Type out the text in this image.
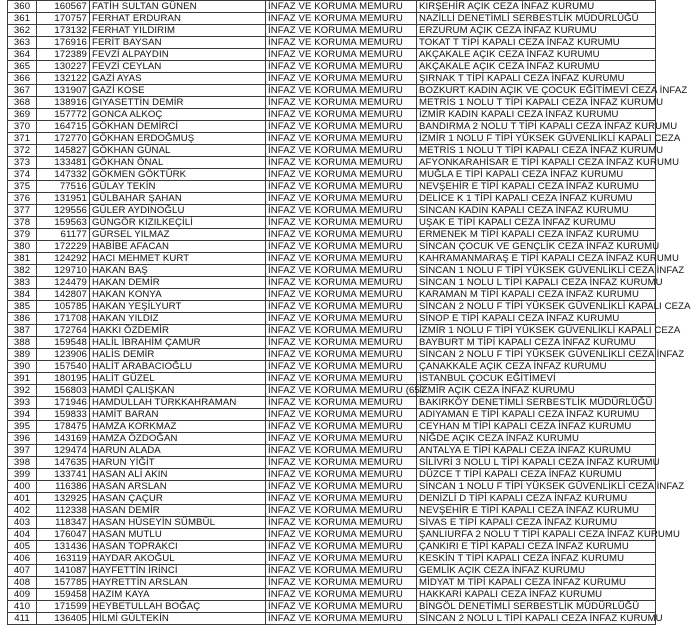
360	160567	FATİH SULTAN GÜNEN	İNFAZ VE KORUMA MEMURU	KIRŞEHİR AÇIK CEZA İNFAZ KURUMU
361	170757	FERHAT ERDURAN	İNFAZ VE KORUMA MEMURU	NAZİLLİ DENETİMLİ SERBESTLİK MÜDÜRLÜĞÜ
362	173132	FERHAT YILDIRIM	İNFAZ VE KORUMA MEMURU	ERZURUM AÇIK CEZA İNFAZ KURUMU
363	176916	FERİT BAYSAN	İNFAZ VE KORUMA MEMURU	TOKAT T TİPİ KAPALI CEZA İNFAZ KURUMU
364	172389	FEVZİ ALPAYDIN	İNFAZ VE KORUMA MEMURU	AKÇAKALE AÇIK CEZA İNFAZ KURUMU
365	130227	FEVZİ CEYLAN	İNFAZ VE KORUMA MEMURU	AKÇAKALE AÇIK CEZA İNFAZ KURUMU
366	132122	GAZİ AYAS	İNFAZ VE KORUMA MEMURU	ŞIRNAK T TİPİ KAPALI CEZA İNFAZ KURUMU
367	131907	GAZİ KOSE	İNFAZ VE KORUMA MEMURU	BOZKURT KADIN AÇIK VE ÇOCUK EĞİTİMEVİ CEZA İNFAZ
368	138916	GIYASETTİN DEMİR	İNFAZ VE KORUMA MEMURU	METRİS 1 NOLU T TİPİ KAPALI CEZA İNFAZ KURUMU
369	157772	GONCA ALKOÇ	İNFAZ VE KORUMA MEMURU	İZMİR KADIN KAPALI CEZA İNFAZ KURUMU
370	164715	GÖKHAN DEMİRCİ	İNFAZ VE KORUMA MEMURU	BANDIRMA 2 NOLU T TİPİ KAPALI CEZA İNFAZ KURUMU
371	172770	GÖKHAN ERDOĞMUŞ	İNFAZ VE KORUMA MEMURU	İZMİR 1 NOLU F TİPİ YÜKSEK GÜVENLİKLİ KAPALI CEZA
372	145827	GÖKHAN GÜNAL	İNFAZ VE KORUMA MEMURU	METRİS 1 NOLU T TİPİ KAPALI CEZA İNFAZ KURUMU
373	133481	GÖKHAN ÖNAL	İNFAZ VE KORUMA MEMURU	AFYONKARAHİSAR E TİPİ KAPALI CEZA İNFAZ KURUMU
374	147332	GÖKMEN GÖKTÜRK	İNFAZ VE KORUMA MEMURU	MUĞLA E TİPİ KAPALI CEZA İNFAZ KURUMU
375	77516	GÜLAY TEKİN	İNFAZ VE KORUMA MEMURU	NEVŞEHİR E TİPİ KAPALI CEZA İNFAZ KURUMU
376	131951	GÜLBAHAR ŞAHAN	İNFAZ VE KORUMA MEMURU	DELİCE K 1 TİPİ KAPALI CEZA İNFAZ KURUMU
377	129556	GÜLER AYDINOĞLU	İNFAZ VE KORUMA MEMURU	SİNCAN KADIN KAPALI CEZA İNFAZ KURUMU
378	159563	GÜNGÖR KIZILKEÇİLİ	İNFAZ VE KORUMA MEMURU	UŞAK E TİPİ KAPALI CEZA İNFAZ KURUMU
379	61177	GÜRSEL YILMAZ	İNFAZ VE KORUMA MEMURU	ERMENEK M TİPİ KAPALI CEZA İNFAZ KURUMU
380	172229	HABİBE AFACAN	İNFAZ VE KORUMA MEMURU	SİNCAN ÇOCUK VE GENÇLİK CEZA İNFAZ KURUMU
381	124292	HACI MEHMET KURT	İNFAZ VE KORUMA MEMURU	KAHRAMANMARAŞ E TİPİ KAPALI CEZA İNFAZ KURUMU
382	129710	HAKAN BAŞ	İNFAZ VE KORUMA MEMURU	SİNCAN 1 NOLU F TİPİ YÜKSEK GÜVENLİKLİ CEZA İNFAZ
383	124479	HAKAN DEMİR	İNFAZ VE KORUMA MEMURU	SİNCAN 1 NOLU L TİPİ KAPALI CEZA İNFAZ KURUMU
384	142807	HAKAN KONYA	İNFAZ VE KORUMA MEMURU	KARAMAN M TİPİ KAPALI CEZA İNFAZ KURUMU
385	105785	HAKAN YEŞİLYURT	İNFAZ VE KORUMA MEMURU	SİNCAN 2 NOLU F TİPİ YÜKSEK GÜVENLİKLİ KAPALI CEZA
386	171708	HAKAN YILDIZ	İNFAZ VE KORUMA MEMURU	SİNOP E TİPİ KAPALI CEZA İNFAZ KURUMU
387	172764	HAKKI ÖZDEMİR	İNFAZ VE KORUMA MEMURU	İZMİR 1 NOLU F TİPİ YÜKSEK GÜVENLİKLİ KAPALI CEZA
388	159548	HALİL İBRAHİM ÇAMUR	İNFAZ VE KORUMA MEMURU	BAYBURT M TİPİ KAPALI CEZA İNFAZ KURUMU
389	123906	HALİS DEMİR	İNFAZ VE KORUMA MEMURU	SİNCAN 2 NOLU F TİPİ YÜKSEK GÜVENLİKLİ CEZA İNFAZ
390	157540	HALİT ARABACIOĞLU	İNFAZ VE KORUMA MEMURU	ÇANAKKALE AÇIK CEZA İNFAZ KURUMU
391	180195	HALİT GÜZEL	İNFAZ VE KORUMA MEMURU	İSTANBUL ÇOCUK EĞİTİMEVİ
392	156803	HAMDİ ÇALIŞKAN	İNFAZ VE KORUMA MEMURU (657	İZMİR AÇIK CEZA İNFAZ KURUMU
393	171946	HAMDULLAH TÜRKKAHRAMAN	İNFAZ VE KORUMA MEMURU	BAKIRKÖY DENETİMLİ SERBESTLİK MÜDÜRLÜĞÜ
394	159833	HAMİT BARAN	İNFAZ VE KORUMA MEMURU	ADIYAMAN E TİPİ KAPALI CEZA İNFAZ KURUMU
395	178475	HAMZA KORKMAZ	İNFAZ VE KORUMA MEMURU	CEYHAN M TİPİ KAPALI CEZA İNFAZ KURUMU
396	143169	HAMZA ÖZDOĞAN	İNFAZ VE KORUMA MEMURU	NİĞDE AÇIK CEZA İNFAZ KURUMU
397	129474	HARUN ALADA	İNFAZ VE KORUMA MEMURU	ANTALYA E TİPİ KAPALI CEZA İNFAZ KURUMU
398	147635	HARUN YİĞİT	İNFAZ VE KORUMA MEMURU	SİLİVRİ 3 NOLU L TİPİ KAPALI CEZA İNFAZ KURUMU
399	133741	HASAN ALİ AKIN	İNFAZ VE KORUMA MEMURU	DÜZCE T TİPİ KAPALI CEZA İNFAZ KURUMU
400	116386	HASAN ARSLAN	İNFAZ VE KORUMA MEMURU	SİNCAN 1 NOLU F TİPİ YÜKSEK GÜVENLİKLİ CEZA İNFAZ
401	132925	HASAN ÇAÇUR	İNFAZ VE KORUMA MEMURU	DENİZLİ D TİPİ KAPALI CEZA İNFAZ KURUMU
402	112338	HASAN DEMİR	İNFAZ VE KORUMA MEMURU	NEVŞEHİR E TİPİ KAPALI CEZA İNFAZ KURUMU
403	118347	HASAN HÜSEYİN SÜMBÜL	İNFAZ VE KORUMA MEMURU	SİVAS E TİPİ KAPALI CEZA İNFAZ KURUMU
404	176047	HASAN MUTLU	İNFAZ VE KORUMA MEMURU	ŞANLIURFA 2 NOLU T TİPİ KAPALI CEZA İNFAZ KURUMU
405	131436	HASAN TOPRAKCI	İNFAZ VE KORUMA MEMURU	ÇANKIRI E TİPİ KAPALI CEZA İNFAZ KURUMU
406	163119	HAYDAR AKOĞUL	İNFAZ VE KORUMA MEMURU	KESKİN T TİPİ KAPALI CEZA İNFAZ KURUMU
407	141087	HAYFETTİN İRİNCİ	İNFAZ VE KORUMA MEMURU	GEMLİK AÇIK CEZA İNFAZ KURUMU
408	157785	HAYRETTİN ARSLAN	İNFAZ VE KORUMA MEMURU	MİDYAT M TİPİ KAPALI CEZA İNFAZ KURUMU
409	159458	HAZIM KAYA	İNFAZ VE KORUMA MEMURU	HAKKARİ KAPALI CEZA İNFAZ KURUMU
410	171599	HEYBETULLAH BOĞAÇ	İNFAZ VE KORUMA MEMURU	BİNGÖL DENETİMLİ SERBESTLİK MÜDÜRLÜĞÜ
411	136405	HİLMİ GÜLTEKİN	İNFAZ VE KORUMA MEMURU	SİNCAN 2 NOLU L TİPİ KAPALI CEZA İNFAZ KURUMU
